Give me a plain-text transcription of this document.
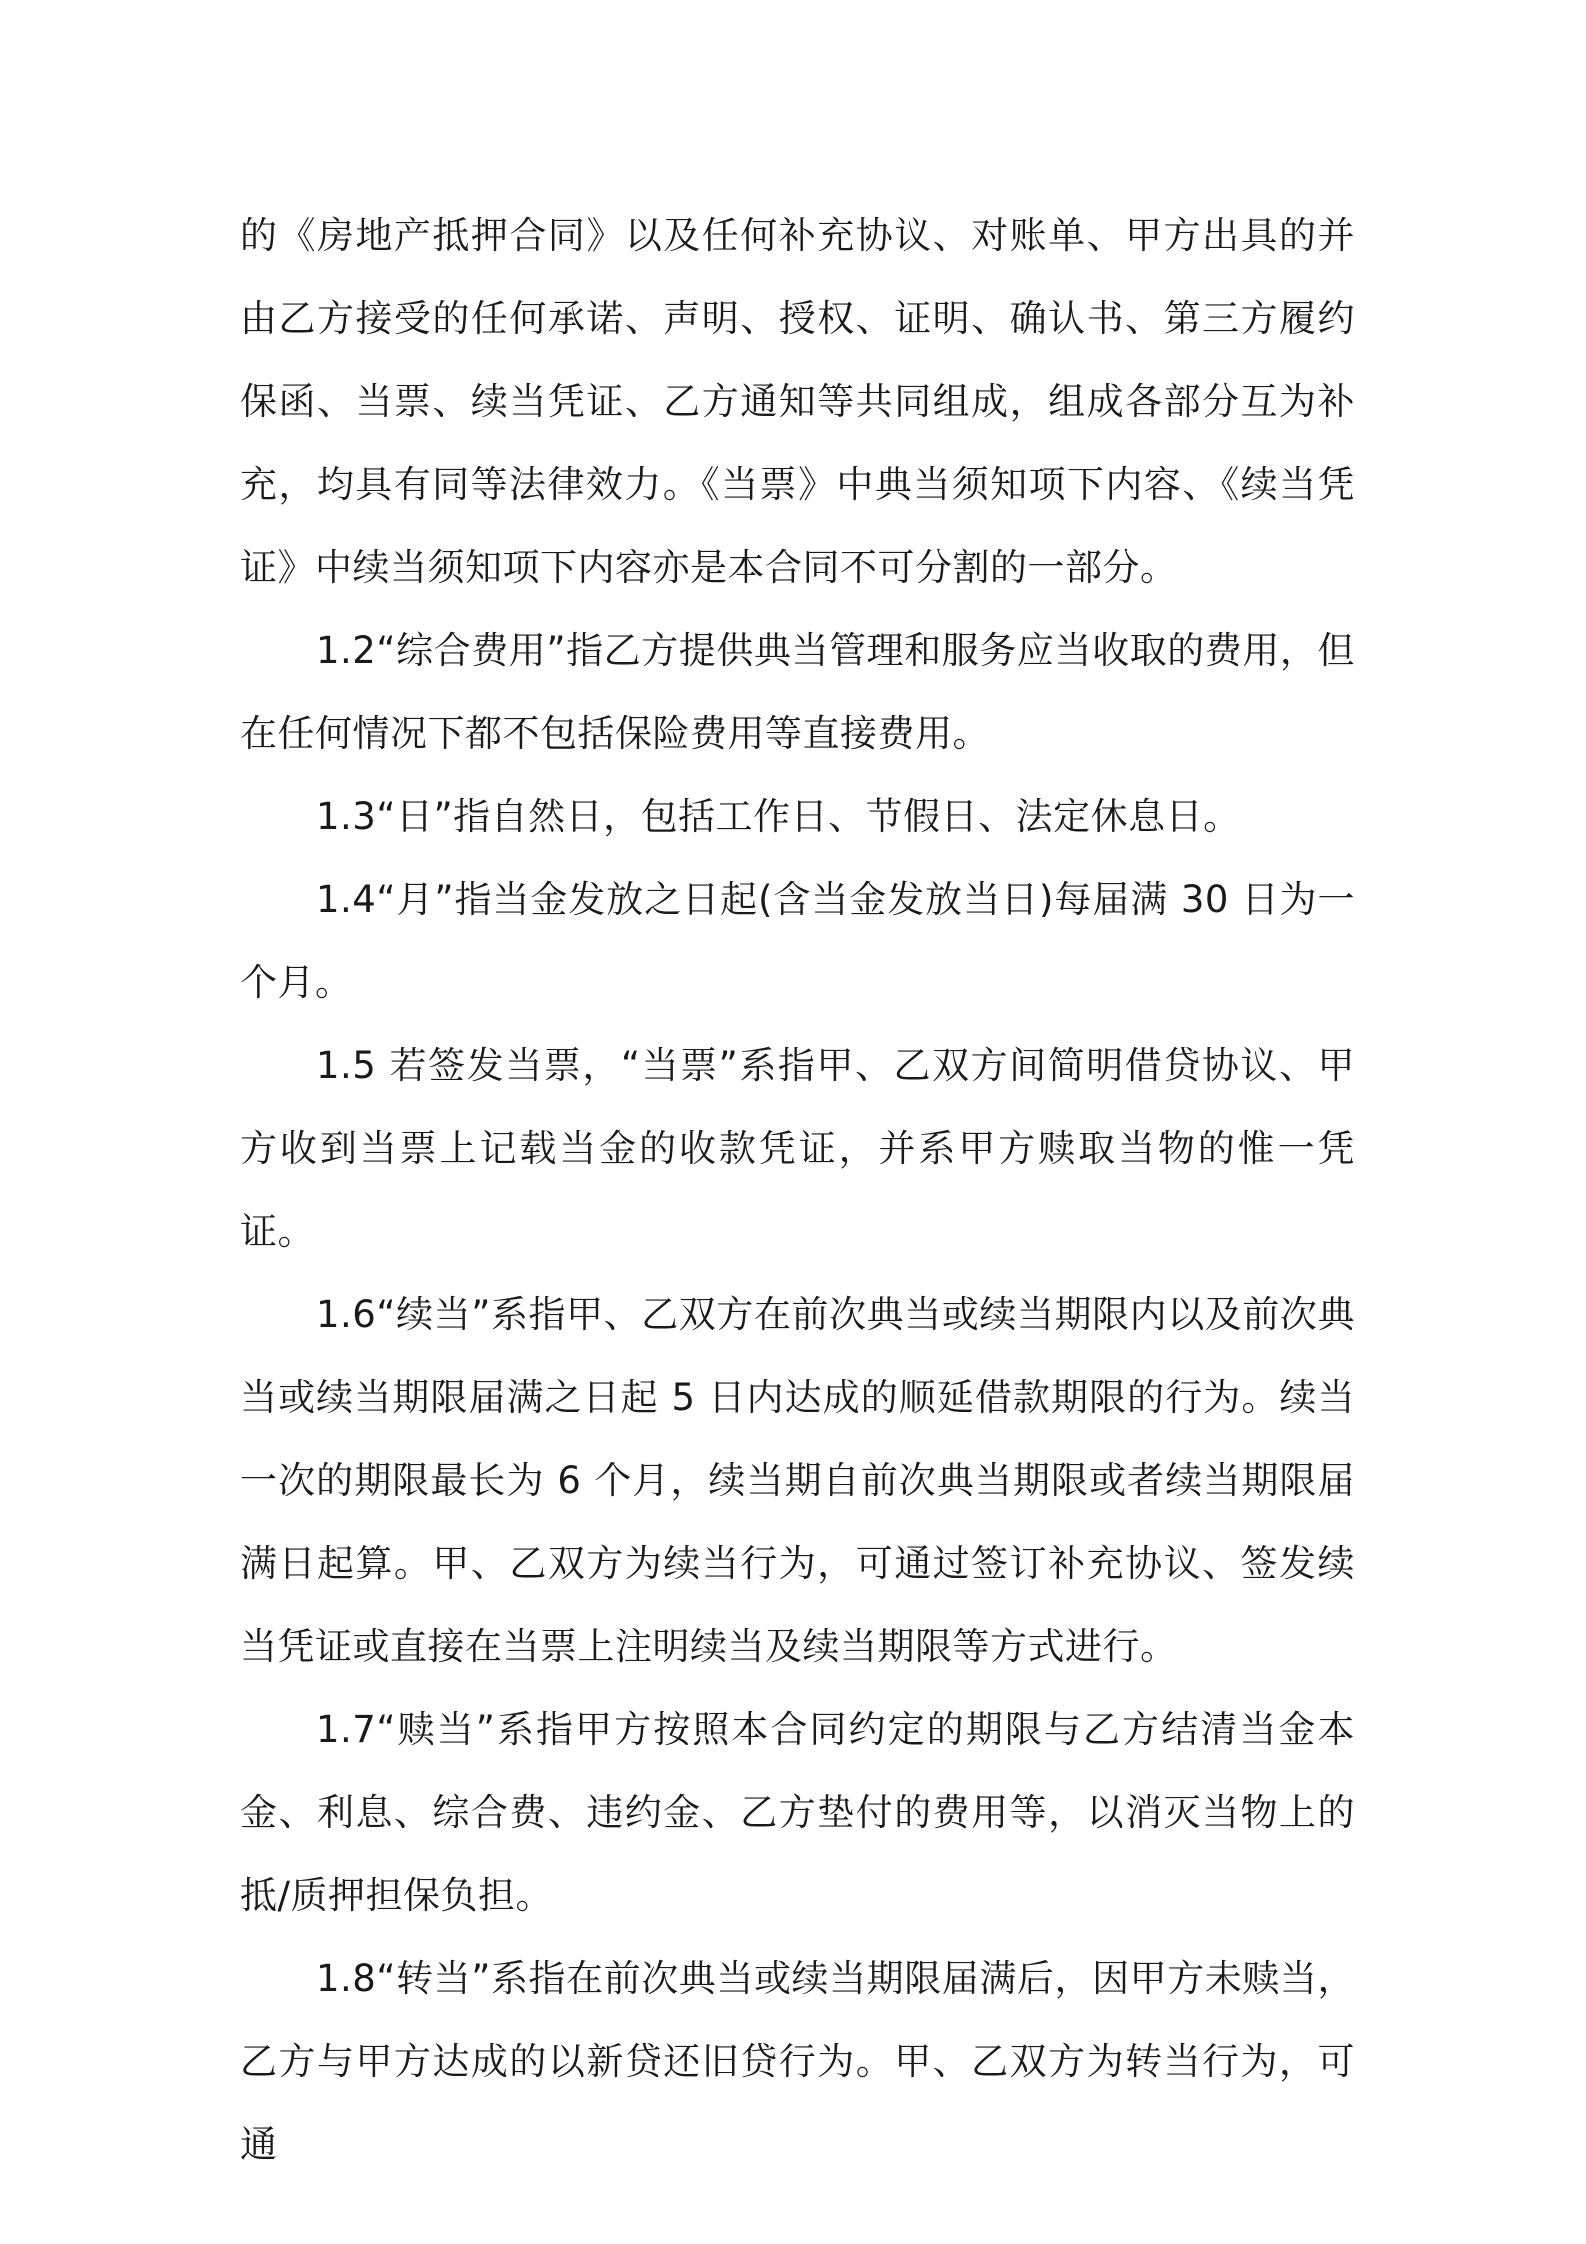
的《房地产抵押合同》以及任何补充协议、对账单、甲方出具的并由乙方接受的任何承诺、声明、授权、证明、确认书、第三方履约保函、当票、续当凭证、乙方通知等共同组成，组成各部分互为补充，均具有同等法律效力。《当票》中典当须知项下内容、《续当凭证》中续当须知项下内容亦是本合同不可分割的一部分。

1.2“综合费用”指乙方提供典当管理和服务应当收取的费用，但在任何情况下都不包括保险费用等直接费用。

1.3“日”指自然日，包括工作日、节假日、法定休息日。

1.4“月”指当金发放之日起(含当金发放当日)每届满 30 日为一个月。

1.5 若签发当票，“当票”系指甲、乙双方间简明借贷协议、甲方收到当票上记载当金的收款凭证，并系甲方赎取当物的惟一凭证。

1.6“续当”系指甲、乙双方在前次典当或续当期限内以及前次典当或续当期限届满之日起 5 日内达成的顺延借款期限的行为。续当一次的期限最长为 6 个月，续当期自前次典当期限或者续当期限届满日起算。甲、乙双方为续当行为，可通过签订补充协议、签发续当凭证或直接在当票上注明续当及续当期限等方式进行。

1.7“赎当”系指甲方按照本合同约定的期限与乙方结清当金本金、利息、综合费、违约金、乙方垫付的费用等，以消灭当物上的抵/质押担保负担。

1.8“转当”系指在前次典当或续当期限届满后，因甲方未赎当，乙方与甲方达成的以新贷还旧贷行为。甲、乙双方为转当行为，可通
